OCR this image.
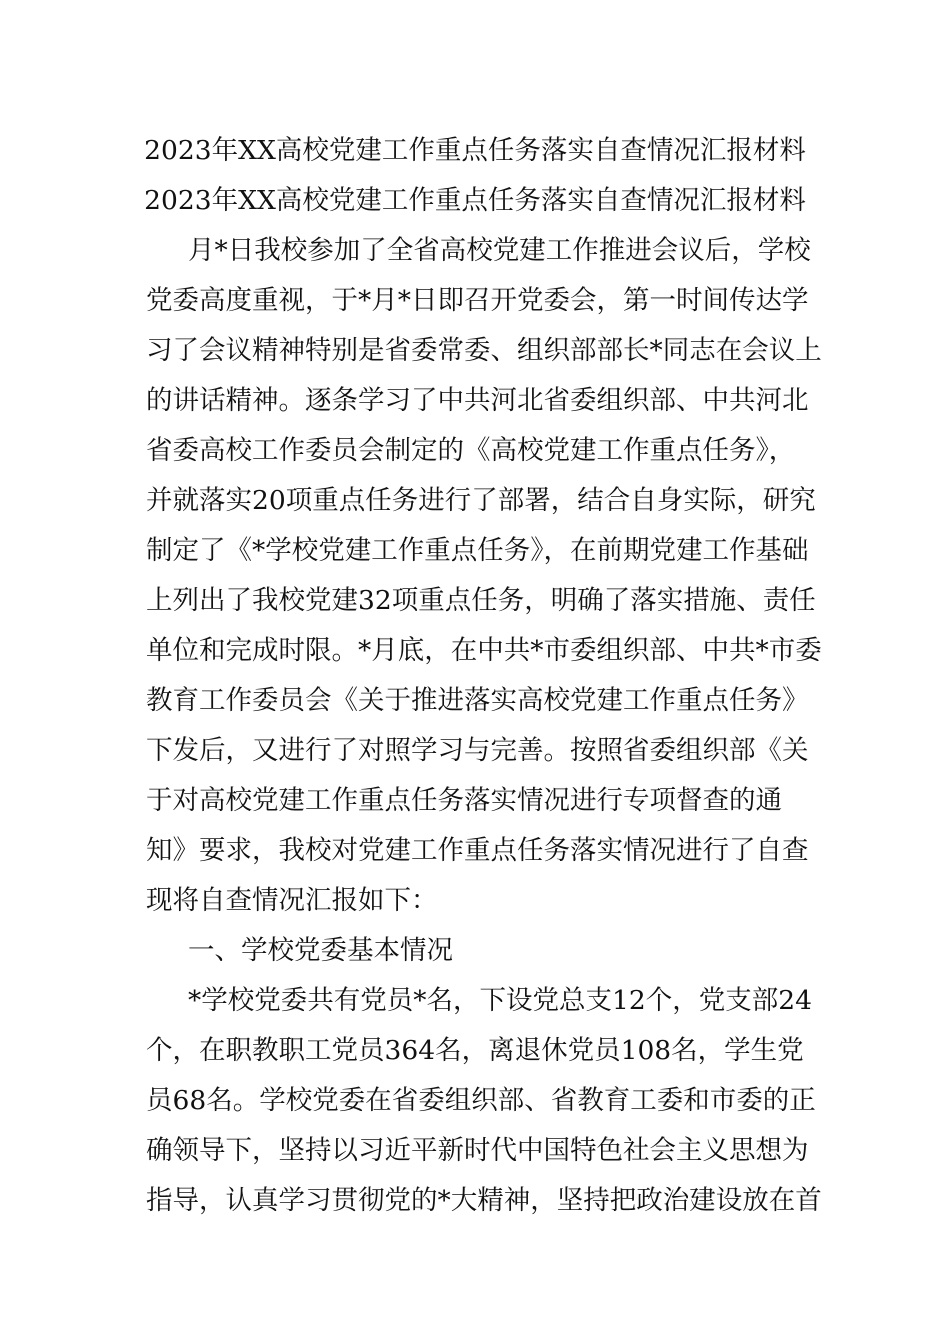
2023年XX高校党建工作重点任务落实自查情况汇报材料
2023年XX高校党建工作重点任务落实自查情况汇报材料
月*日我校参加了全省高校党建工作推进会议后，学校
党委高度重视，于*月*日即召开党委会，第一时间传达学
习了会议精神特别是省委常委、组织部部长*同志在会议上
的讲话精神。逐条学习了中共河北省委组织部、中共河北
省委高校工作委员会制定的《高校党建工作重点任务》，
并就落实20项重点任务进行了部署，结合自身实际，研究
制定了《*学校党建工作重点任务》，在前期党建工作基础
上列出了我校党建32项重点任务，明确了落实措施、责任
单位和完成时限。*月底，在中共*市委组织部、中共*市委
教育工作委员会《关于推进落实高校党建工作重点任务》
下发后，又进行了对照学习与完善。按照省委组织部《关
于对高校党建工作重点任务落实情况进行专项督查的通
知》要求，我校对党建工作重点任务落实情况进行了自查
现将自查情况汇报如下：
一、学校党委基本情况
*学校党委共有党员*名，下设党总支12个，党支部24
个，在职教职工党员364名，离退休党员108名，学生党
员68名。学校党委在省委组织部、省教育工委和市委的正
确领导下，坚持以习近平新时代中国特色社会主义思想为
指导，认真学习贯彻党的*大精神，坚持把政治建设放在首
